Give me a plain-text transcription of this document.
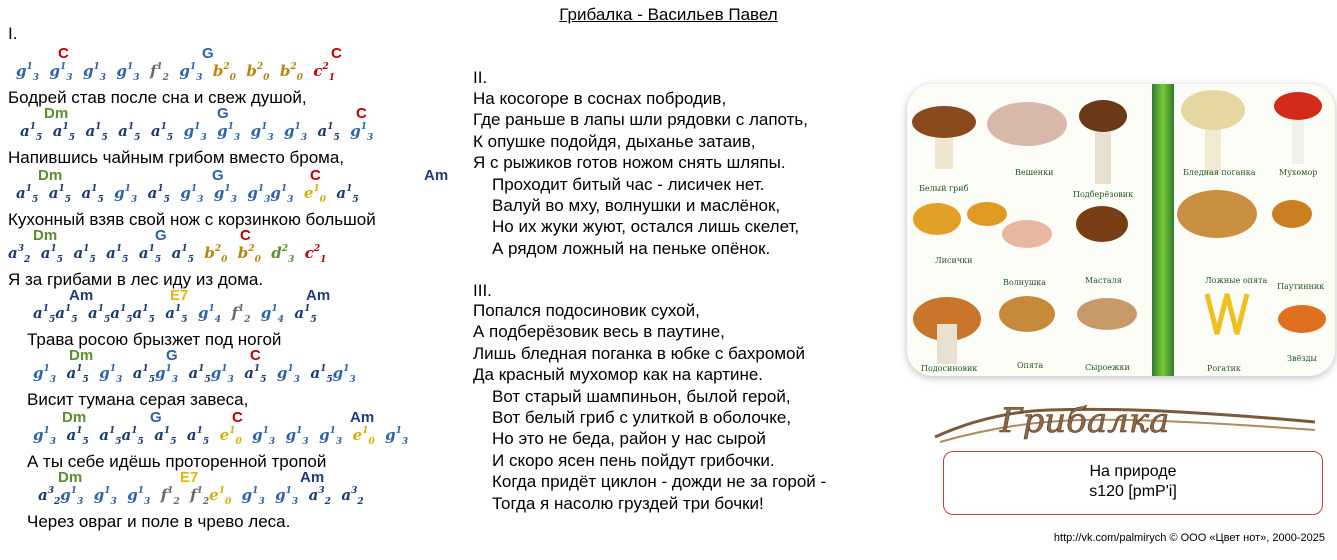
Грибалка - Васильев Павел
I.
C	G	C
$g^1_3$ $g^1_3$ $g^1_3$ $g^1_3$ $f^1_2$ $g^1_3$ $b^2_0$ $b^2_0$ $b^2_0$ $c^2_1$
Бодрей став после сна и свеж душой,
Dm	G	C
$a^1_5$ $a^1_5$ $a^1_5$ $a^1_5$ $a^1_5$ $g^1_3$ $g^1_3$ $g^1_3$ $g^1_3$ $a^1_5$ $g^1_3$
Напившись чайным грибом вместо брома,
Dm	G	C	Am
$a^1_5$ $a^1_5$ $a^1_5$ $g^1_3$ $a^1_5$ $g^1_3$ $g^1_3$ $g^1_3g^1_3$ $e^1_0$ $a^1_5$
Кухонный взяв свой нож с корзинкою большой
Dm	G	C
$a^3_2$ $a^1_5$ $a^1_5$ $a^1_5$ $a^1_5$ $a^1_5$ $b^2_0$ $b^2_0$ $d^2_3$ $c^2_1$
Я за грибами в лес иду из дома.
Am	E7	Am
$a^1_5a^1_5$ $a^1_5a^1_5a^1_5$ $a^1_5$ $g^1_4$ $f^1_2$ $g^1_4$ $a^1_5$
Трава росою брызжет под ногой
Dm	G	C
$g^1_3$ $a^1_5$ $g^1_3$ $a^1_5g^1_3$ $a^1_5g^1_3$ $a^1_5$ $g^1_3$ $a^1_5g^1_3$
Висит тумана серая завеса,
Dm	G	C	Am
$g^1_3$ $a^1_5$ $a^1_5a^1_5$ $a^1_5$ $a^1_5$ $e^1_0$ $g^1_3$ $g^1_3$ $g^1_3$ $e^1_0$ $g^1_3$
А ты себе идёшь проторенной тропой
Dm	E7	Am
$a^3_2g^1_3$ $g^1_3$ $g^1_3$ $f^1_2$ $f^1_2e^1_0$ $g^1_3$ $g^1_3$ $a^3_2$ $a^3_2$
Через овраг и поле в чрево леса.
II.
На косогоре в соснах побродив,
Где раньше в лапы шли рядовки с лапоть,
К опушке подойдя, дыханье затаив,
Я с рыжиков готов ножом снять шляпы.
Проходит битый час - лисичек нет.
Валуй во мху, волнушки и маслёнок,
Но их жуки жуют, остался лишь скелет,
А рядом ложный на пеньке опёнок.
III.
Попался подосиновик сухой,
А подберёзовик весь в паутине,
Лишь бледная поганка в юбке с бахромой
Да красный мухомор как на картине.
Вот старый шампиньон, былой герой,
Вот белый гриб с улиткой в оболочке,
Но это не беда, район у нас сырой
И скоро ясен пень пойдут грибочки.
Когда придёт циклон - дожди не за горой -
Тогда я насолю груздей три бочки!
Белый гриб
Вешенки
Подберёзовик
Бледная поганка	Мухомор
Лисички
Волнушка	Масталя	Ложные опята
Паутинник
Подосиновик	Опята	Сыроежки	Рогатик
Звёзды
Грибалка
На природе
s120 [pmP'i]
http://vk.com/palmirych © ООО «Цвет нот», 2000-2025
